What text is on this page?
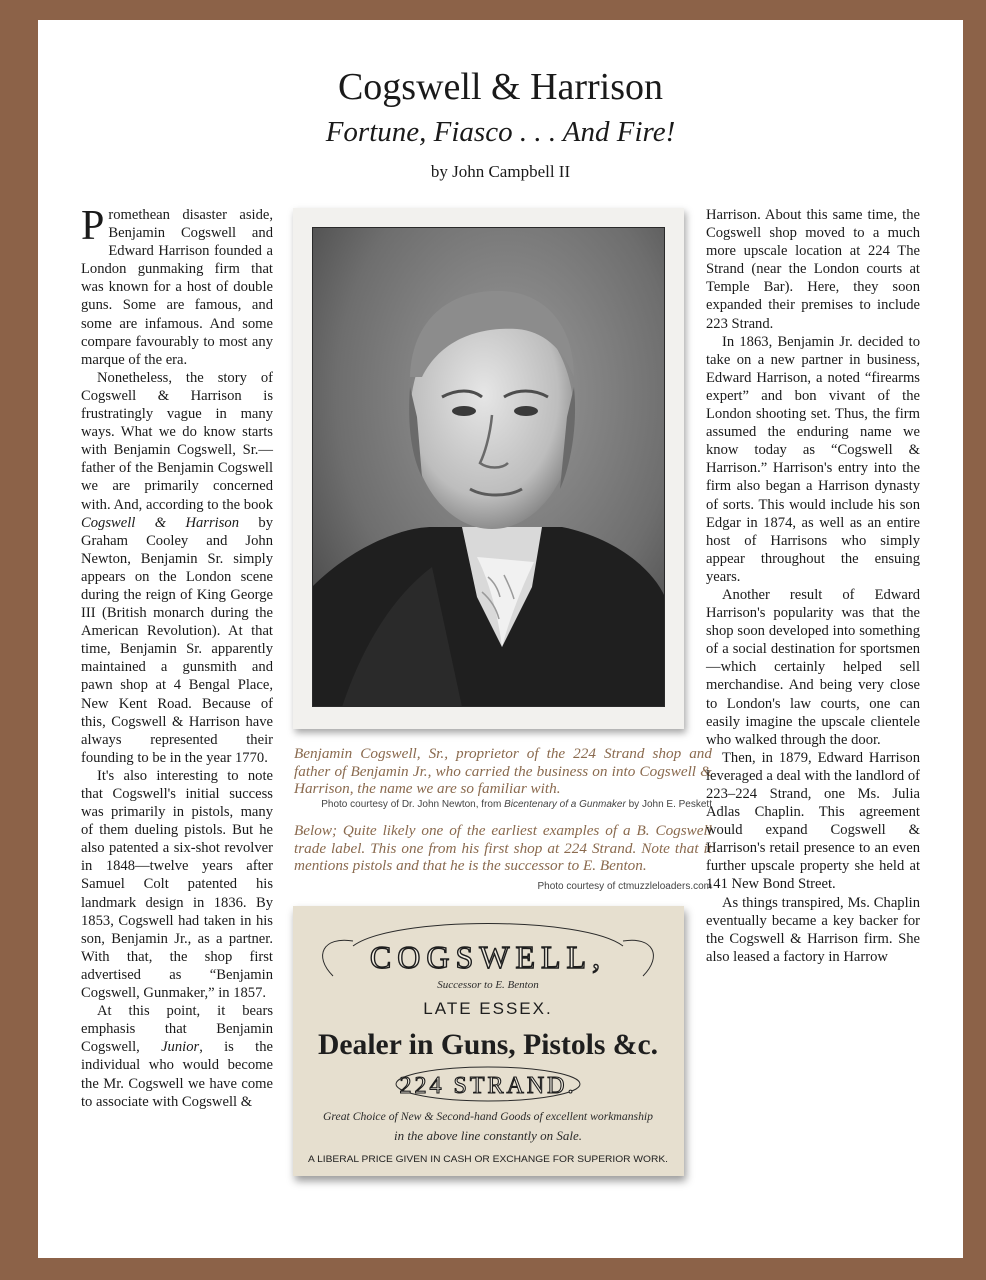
Cogswell & Harrison
Fortune, Fiasco . . . And Fire!
by John Campbell II

Promethean disaster aside, Benjamin Cogswell and Edward Harrison founded a London gunmaking firm that was known for a host of double guns. Some are famous, and some are infamous. And some compare favourably to most any marque of the era.

Nonetheless, the story of Cogswell & Harrison is frustratingly vague in many ways. What we do know starts with Benjamin Cogswell, Sr.—father of the Benjamin Cogswell we are primarily concerned with. And, according to the book Cogswell & Harrison by Graham Cooley and John Newton, Benjamin Sr. simply appears on the London scene during the reign of King George III (British monarch during the American Revolution). At that time, Benjamin Sr. apparently maintained a gunsmith and pawn shop at 4 Bengal Place, New Kent Road. Because of this, Cogswell & Harrison have always represented their founding to be in the year 1770.

It's also interesting to note that Cogswell's initial success was primarily in pistols, many of them dueling pistols. But he also patented a six-shot revolver in 1848—twelve years after Samuel Colt patented his landmark design in 1836. By 1853, Cogswell had taken in his son, Benjamin Jr., as a partner. With that, the shop first advertised as “Benjamin Cogswell, Gunmaker,” in 1857.

At this point, it bears emphasis that Benjamin Cogswell, Junior, is the individual who would become the Mr. Cogswell we have come to associate with Cogswell &

Benjamin Cogswell, Sr., proprietor of the 224 Strand shop and father of Benjamin Jr., who carried the business on into Cogswell & Harrison, the name we are so familiar with.
Photo courtesy of Dr. John Newton, from Bicentenary of a Gunmaker by John E. Peskett
Below; Quite likely one of the earliest examples of a B. Cogswell trade label. This one from his first shop at 224 Strand. Note that it mentions pistols and that he is the successor to E. Benton.
Photo courtesy of ctmuzzleloaders.com
COGSWELL,
Successor to E. Benton
LATE ESSEX.
Dealer in Guns, Pistols &c.
224 STRAND.
Great Choice of New & Second-hand Goods of excellent workmanship
in the above line constantly on Sale.
A LIBERAL PRICE GIVEN IN CASH OR EXCHANGE FOR SUPERIOR WORK.

Harrison. About this same time, the Cogswell shop moved to a much more upscale location at 224 The Strand (near the London courts at Temple Bar). Here, they soon expanded their premises to include 223 Strand.

In 1863, Benjamin Jr. decided to take on a new partner in business, Edward Harrison, a noted “firearms expert” and bon vivant of the London shooting set. Thus, the firm assumed the enduring name we know today as “Cogswell & Harrison.” Harrison's entry into the firm also began a Harrison dynasty of sorts. This would include his son Edgar in 1874, as well as an entire host of Harrisons who simply appear throughout the ensuing years.

Another result of Edward Harrison's popularity was that the shop soon developed into something of a social destination for sportsmen—which certainly helped sell merchandise. And being very close to London's law courts, one can easily imagine the upscale clientele who walked through the door.

Then, in 1879, Edward Harrison leveraged a deal with the landlord of 223–224 Strand, one Ms. Julia Adlas Chaplin. This agreement would expand Cogswell & Harrison's retail presence to an even further upscale property she held at 141 New Bond Street.

As things transpired, Ms. Chaplin eventually became a key backer for the Cogswell & Harrison firm. She also leased a factory in Harrow
